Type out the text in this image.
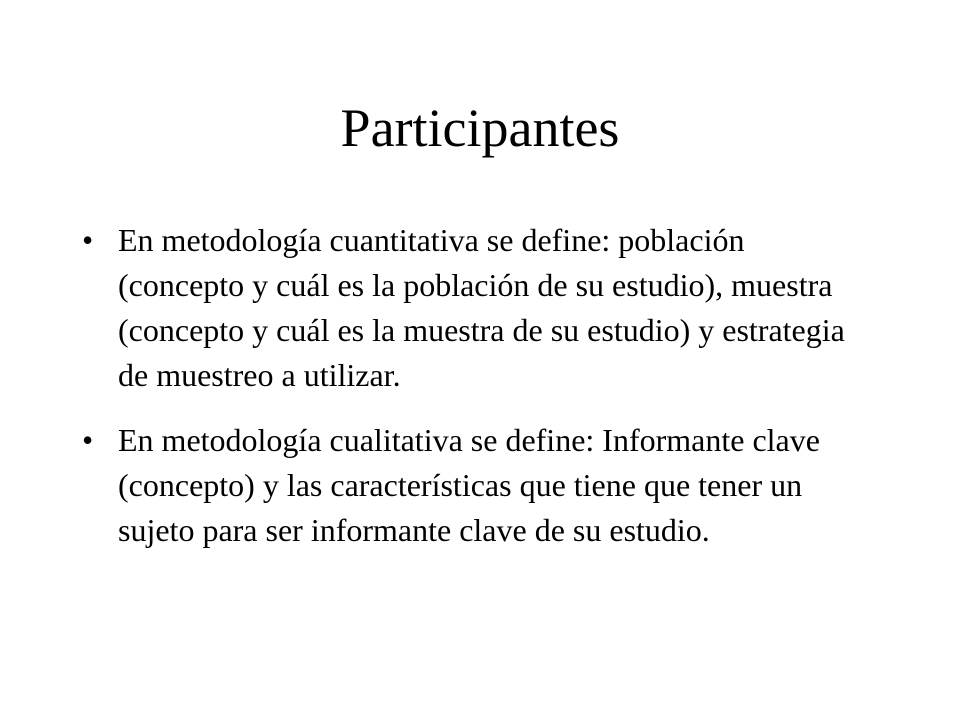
Participantes
• En metodología cuantitativa se define: población (concepto y cuál es la población de su estudio), muestra (concepto y cuál es la muestra de su estudio) y estrategia de muestreo a utilizar.
• En metodología cualitativa se define: Informante clave (concepto) y las características que tiene que tener un sujeto para ser informante clave de su estudio.
